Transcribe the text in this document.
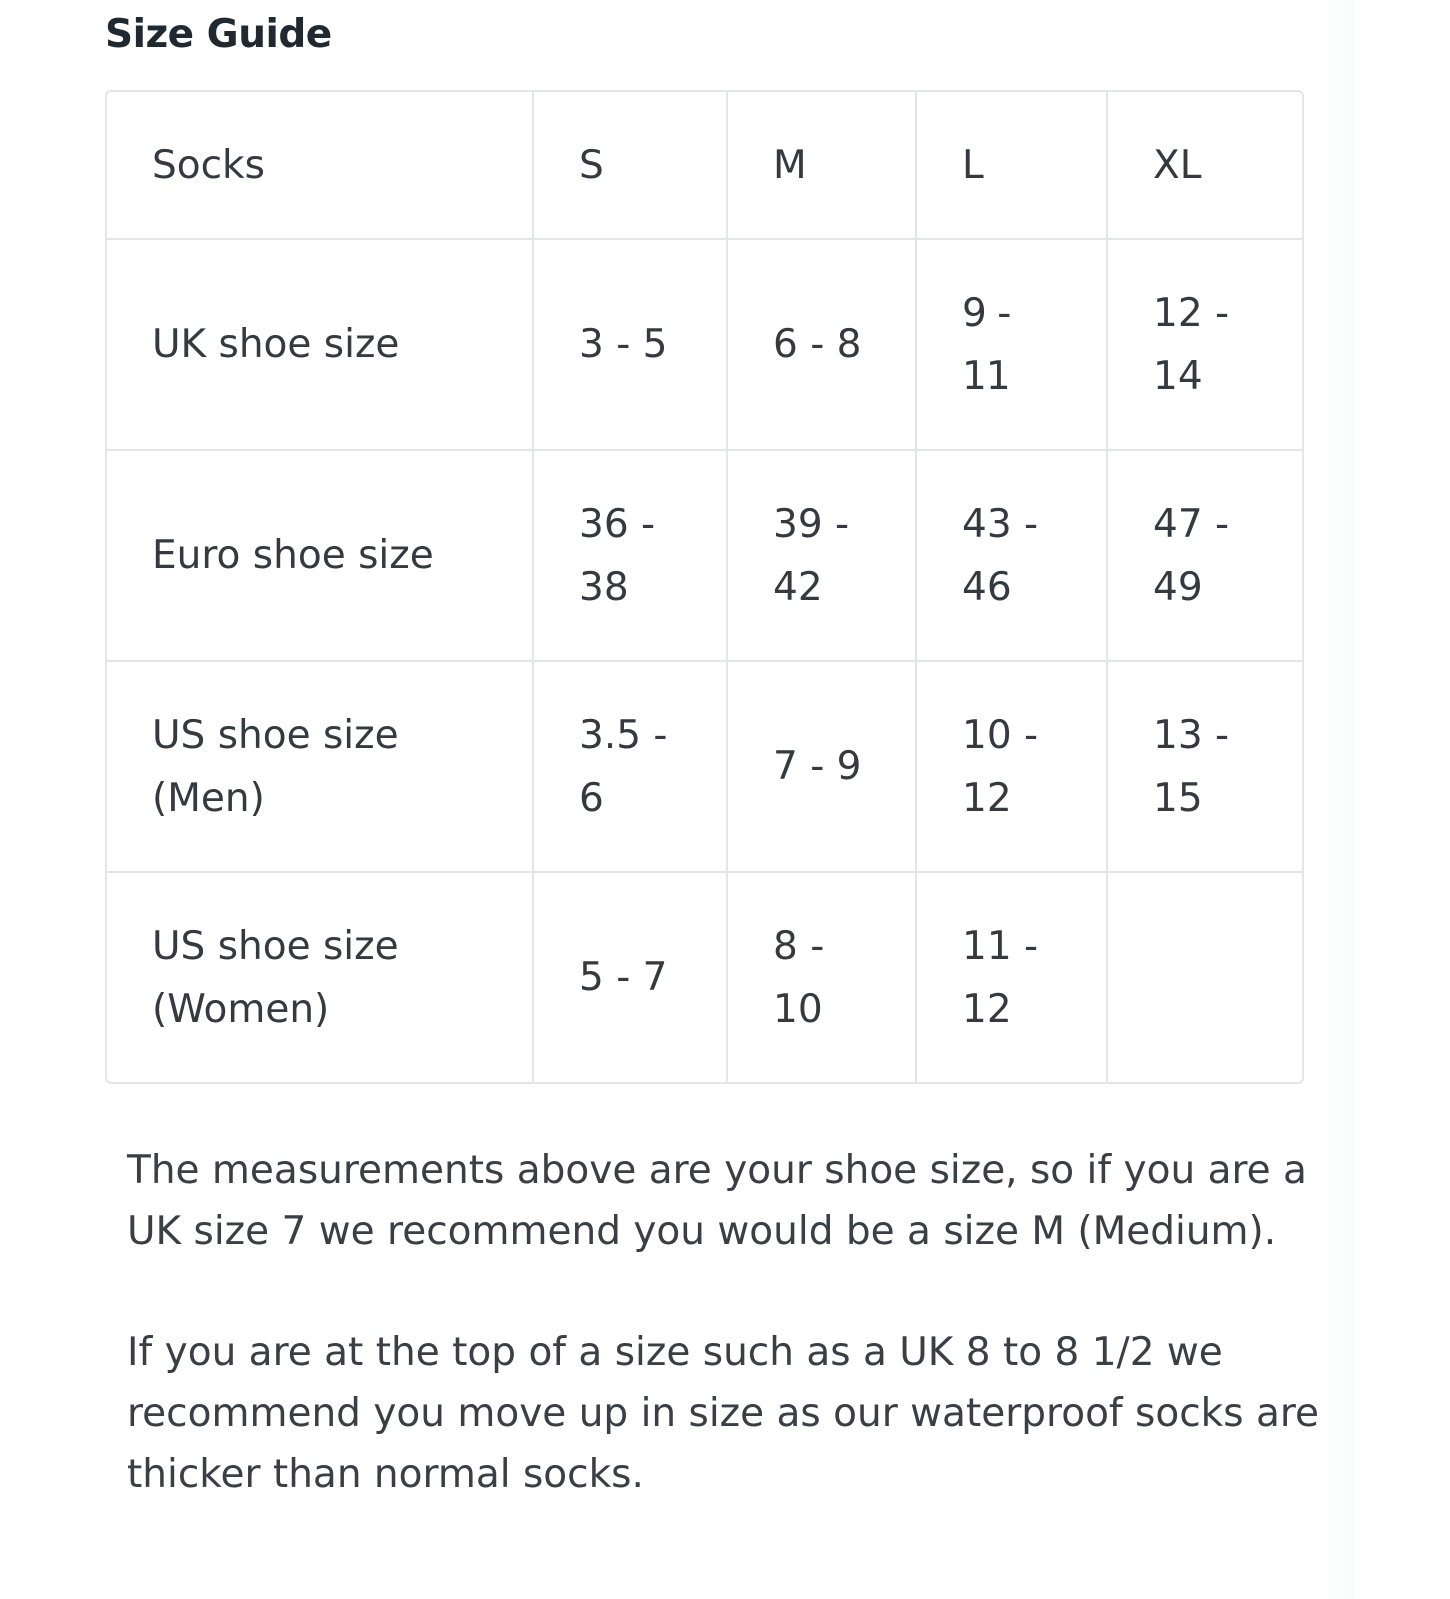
Size Guide
Socks	S	M	L	XL
UK shoe size	3 - 5	6 - 8	9 - 11	12 - 14
Euro shoe size	36 - 38	39 - 42	43 - 46	47 - 49
US shoe size (Men)	3.5 - 6	7 - 9	10 - 12	13 - 15
US shoe size (Women)	5 - 7	8 - 10	11 - 12	

The measurements above are your shoe size, so if you are a UK size 7 we recommend you would be a size M (Medium).

If you are at the top of a size such as a UK 8 to 8 1/2 we recommend you move up in size as our waterproof socks are thicker than normal socks.
